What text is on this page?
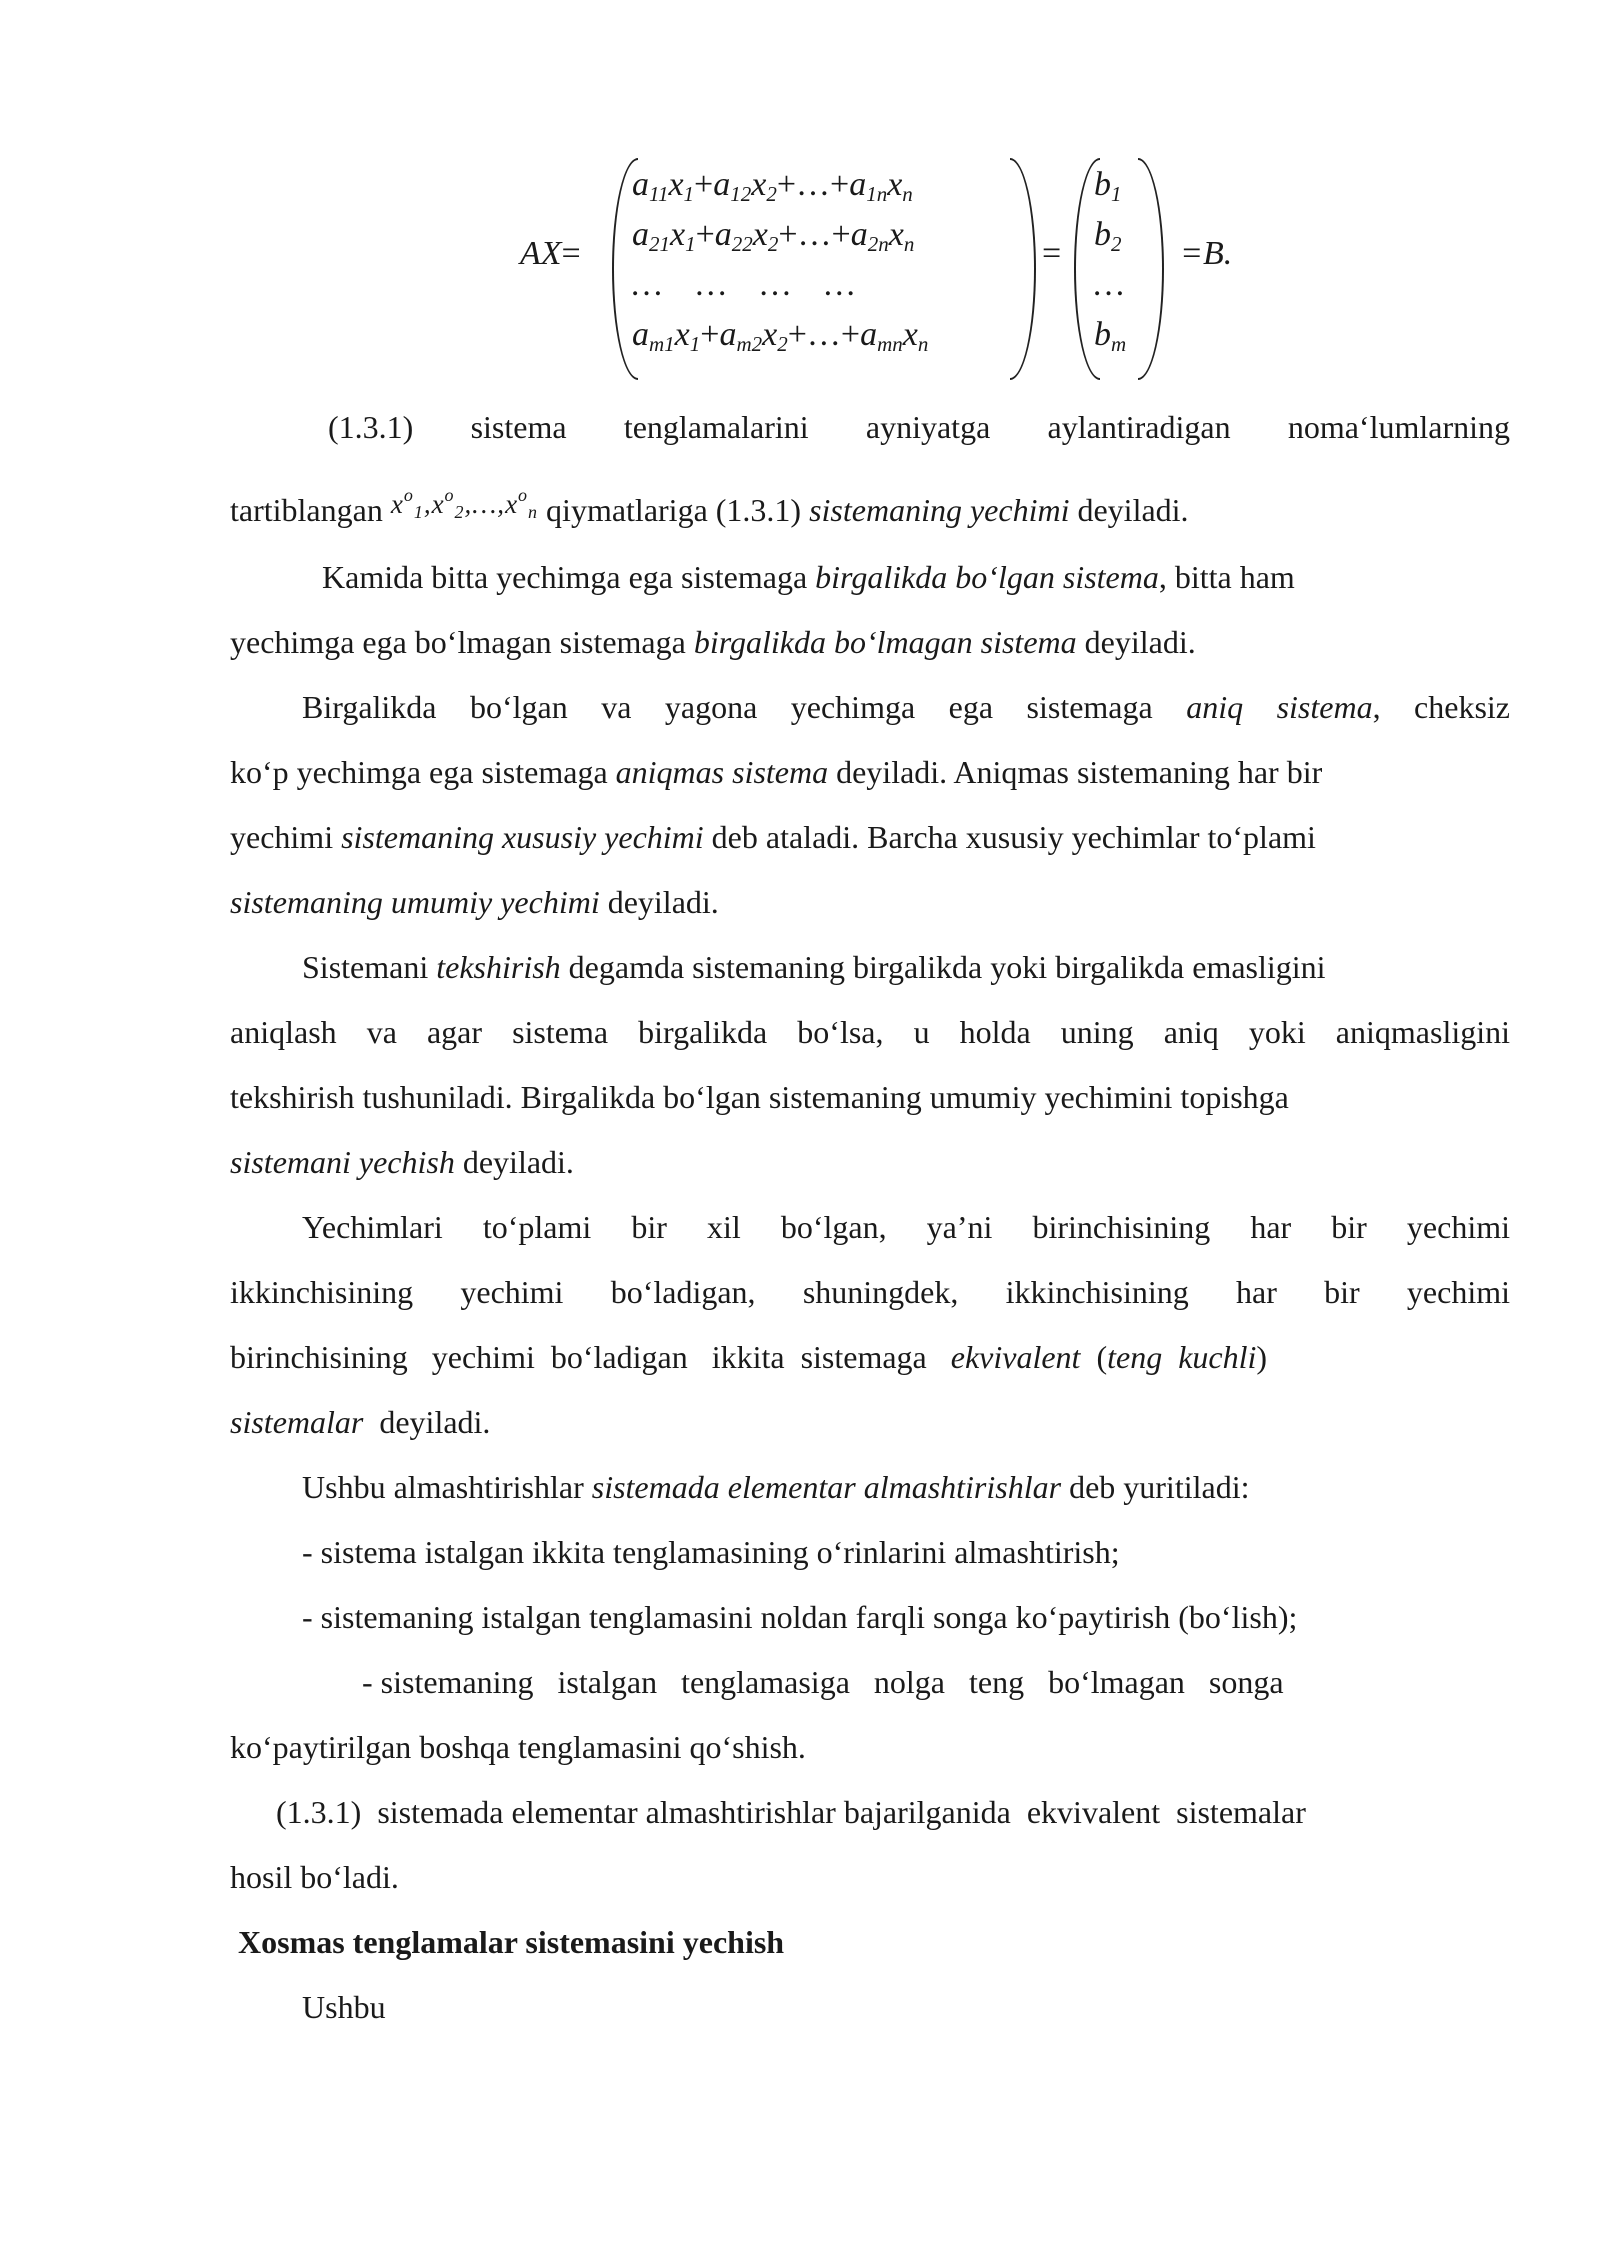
AX=
$a_{11}x_1+a_{12}x_2+\dots+a_{1n}x_n$
$a_{21}x_1+a_{22}x_2+\dots+a_{2n}x_n$
…    …    …    …
$a_{m1}x_1+a_{m2}x_2+\dots+a_{mn}x_n$
=
$b_1$
$b_2$
…
$b_m$
=B.
(1.3.1) sistema tenglamalarini ayniyatga aylantiradigan noma‘lumlarning
tartiblangan $^{x^o_1,x^o_2,\dots,x^o_n}$ qiymatlariga (1.3.1) sistemaning yechimi deyiladi.
Kamida bitta yechimga ega sistemaga birgalikda bo‘lgan sistema, bitta ham
yechimga ega bo‘lmagan sistemaga birgalikda bo‘lmagan sistema deyiladi.
Birgalikda bo‘lgan va yagona yechimga ega sistemaga aniq sistema, cheksiz
ko‘p yechimga ega sistemaga aniqmas sistema deyiladi. Aniqmas sistemaning har bir
yechimi sistemaning xususiy yechimi deb ataladi. Barcha xususiy yechimlar to‘plami
sistemaning umumiy yechimi deyiladi.
Sistemani tekshirish degamda sistemaning birgalikda yoki birgalikda emasligini
aniqlash va agar sistema birgalikda bo‘lsa, u holda uning aniq yoki aniqmasligini
tekshirish tushuniladi. Birgalikda bo‘lgan sistemaning umumiy yechimini topishga
sistemani yechish deyiladi.
Yechimlari to‘plami bir xil bo‘lgan, ya’ni birinchisining har bir yechimi
ikkinchisining yechimi bo‘ladigan, shuningdek, ikkinchisining har bir yechimi
birinchisining   yechimi  bo‘ladigan   ikkita  sistemaga   ekvivalent  (teng  kuchli)
sistemalar  deyiladi.
Ushbu almashtirishlar sistemada elementar almashtirishlar deb yuritiladi:
- sistema istalgan ikkita tenglamasining o‘rinlarini almashtirish;
- sistemaning istalgan tenglamasini noldan farqli songa ko‘paytirish (bo‘lish);
- sistemaning   istalgan   tenglamasiga   nolga   teng   bo‘lmagan   songa
ko‘paytirilgan boshqa tenglamasini qo‘shish.
(1.3.1)  sistemada elementar almashtirishlar bajarilganida  ekvivalent  sistemalar
hosil bo‘ladi.
Xosmas tenglamalar sistemasini yechish
Ushbu
